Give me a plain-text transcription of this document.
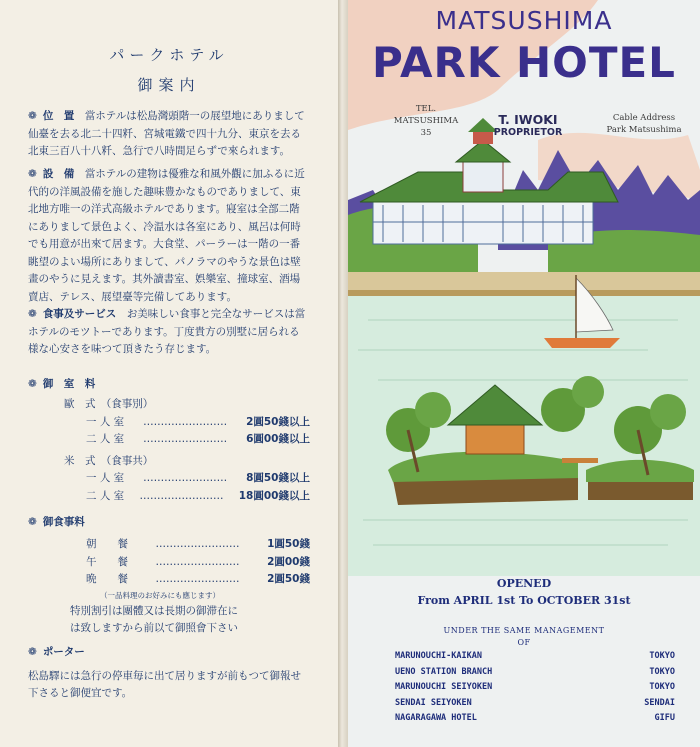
パークホテル
御案内
❁ 位　置　 當ホテルは松島灣頭階一の展望地にありまして
仙臺を去る北二十四粁、宮城電鐵で四十九分、東京を去る
北東三百八十八粁、急行で八時間足らずで來られます。
❁ 設　備　 當ホテルの建物は優雅な和風外觀に加ふるに近
代的の洋風設備を施した趣味豊かなものでありまして、東
北地方唯一の洋式高級ホテルであります。寢室は全部二階
にありまして景色よく、冷温水は各室にあり、風呂は何時
でも用意が出來て居ます。大食堂、パーラーは一階の一番
眺望のよい場所にありまして、パノラマのやうな景色は壁
畫のやうに見えます。其外讀書室、娯樂室、撞球室、酒場
賣店、テレス、展望臺等完備してあります。
❁ 食事及サービス　 お美味しい食事と完全なサービスは當
ホテルのモツトーであります。丁度貴方の別墅に居られる
様な心安さを味つて頂きたう存じます。
❁ 御　室　料
歐　式　（食事別）
一 人 室 …………………… 2圓50錢以上
二 人 室 …………………… 6圓00錢以上
米　式　（食事共）
一 人 室 …………………… 8圓50錢以上
二 人 室 …………………… 18圓00錢以上
❁ 御食事料
朝　　餐	……………………	1圓50錢
午　　餐	……………………	2圓00錢
晩　　餐	……………………	2圓50錢
（一品料理のお好みにも應じます）
特別割引は團體又は長期の御滞在に
は致しますから前以て御照會下さい
❁ ポーター
松島驛には急行の停車毎に出て居りますが前もつて御報せ
下さると御便宜です。
MATSUSHIMA
PARK HOTEL
TEL.
MATSUSHIMA
35
T. IWOKI
PROPRIETOR
Cable Address
Park Matsushima
OPENED
From APRIL 1st To OCTOBER 31st
UNDER THE SAME MANAGEMENT
OF
MARUNOUCHI-KAIKAN	TOKYO
UENO STATION BRANCH	TOKYO
MARUNOUCHI SEIYOKEN	TOKYO
SENDAI SEIYOKEN	SENDAI
NAGARAGAWA HOTEL	GIFU
